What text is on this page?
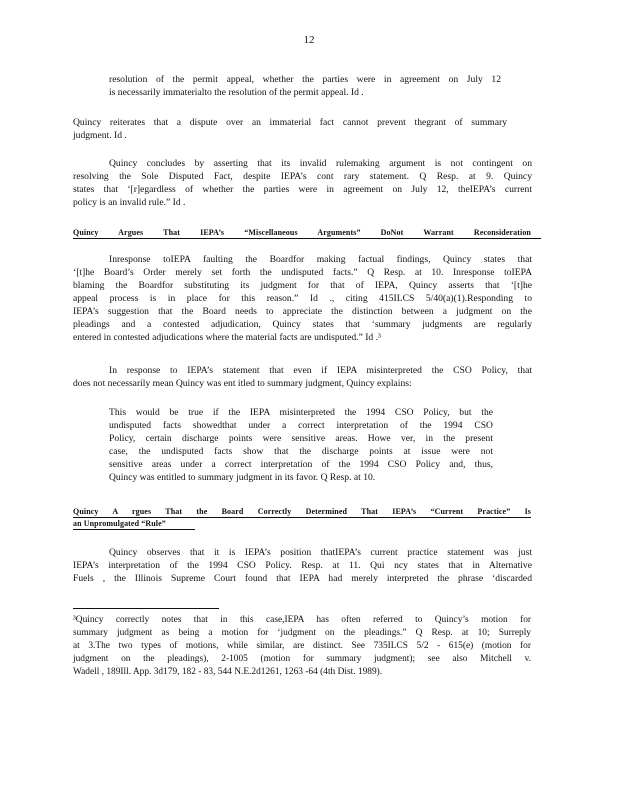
12
resolution of the permit appeal, whether the parties were in agreement on July 12
is necessarily immaterialto the resolution of the permit appeal. Id .
Quincy reiterates that a dispute over an immaterial fact cannot prevent thegrant of summary
judgment. Id .
Quincy concludes by asserting that its invalid rulemaking argument is not contingent on
resolving the Sole Disputed Fact, despite IEPA’s cont rary statement. Q Resp. at 9. Quincy
states that ‘[r]egardless of whether the parties were in agreement on July 12, theIEPA’s current
policy is an invalid rule.” Id .
Quincy Argues That IEPA’s “Miscellaneous Arguments” DoNot Warrant Reconsideration
Inresponse toIEPA faulting the Boardfor making factual findings, Quincy states that
‘[t]he Board’s Order merely set forth the undisputed facts.” Q Resp. at 10. Inresponse toIEPA
blaming the Boardfor substituting its judgment for that of IEPA, Quincy asserts that ‘[t]he
appeal process is in place for this reason.” Id ., citing 415ILCS 5/40(a)(1).Responding to
IEPA’s suggestion that the Board needs to appreciate the distinction between a judgment on the
pleadings and a contested adjudication, Quincy states that ‘summary judgments are regularly
entered in contested adjudications where the material facts are undisputed.” Id .³
In response to IEPA’s statement that even if IEPA misinterpreted the CSO Policy, that
does not necessarily mean Quincy was ent itled to summary judgment, Quincy explains:
This would be true if the IEPA misinterpreted the 1994 CSO Policy, but the
undisputed facts showedthat under a correct interpretation of the 1994 CSO
Policy, certain discharge points were sensitive areas. Howe ver, in the present
case, the undisputed facts show that the discharge points at issue were not
sensitive areas under a correct interpretation of the 1994 CSO Policy and, thus,
Quincy was entitled to summary judgment in its favor. Q Resp. at 10.
Quincy A rgues That the Board Correctly Determined That IEPA’s “Current Practice” Is
an Unpromulgated “Rule”
Quincy observes that it is IEPA’s position thatIEPA’s current practice statement was just
IEPA’s interpretation of the 1994 CSO Policy. Resp. at 11. Qui ncy states that in Alternative
Fuels , the Illinois Supreme Court found that IEPA had merely interpreted the phrase ‘discarded
³Quincy correctly notes that in this case,IEPA has often referred to Quincy’s motion for
summary judgment as being a motion for ‘judgment on the pleadings.” Q Resp. at 10; Surreply
at 3.The two types of motions, while similar, are distinct. See 735ILCS 5/2 - 615(e) (motion for
judgment on the pleadings), 2-1005 (motion for summary judgment); see also Mitchell v.
Wadell , 189Ill. App. 3d179, 182 - 83, 544 N.E.2d1261, 1263 -64 (4th Dist. 1989).
